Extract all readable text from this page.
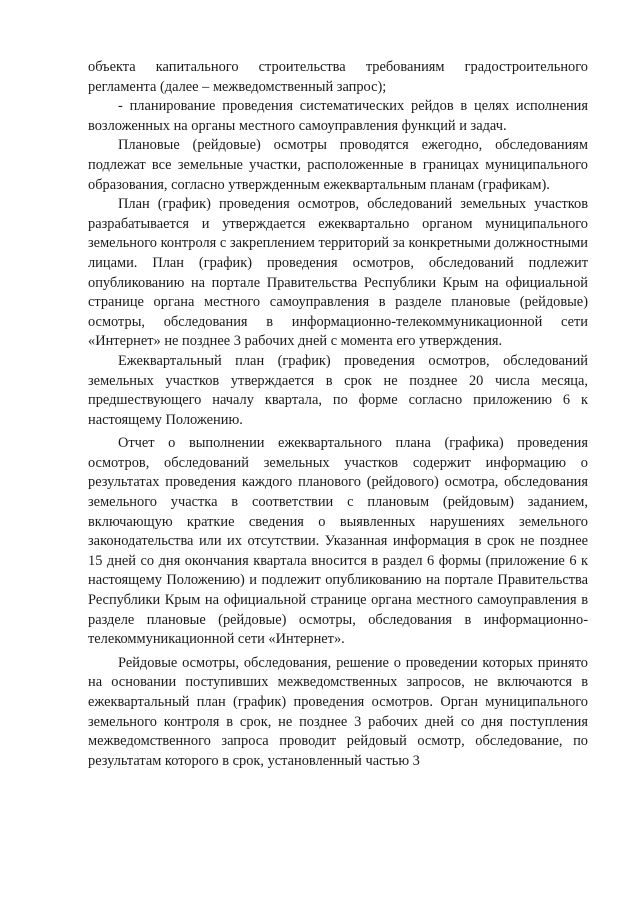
объекта капитального строительства требованиям градостроительного регламента (далее – межведомственный запрос);

- планирование проведения систематических рейдов в целях исполнения возложенных на органы местного самоуправления функций и задач.

Плановые (рейдовые) осмотры проводятся ежегодно, обследованиям подлежат все земельные участки, расположенные в границах муниципального образования, согласно утвержденным ежеквартальным планам (графикам).

План (график) проведения осмотров, обследований земельных участков разрабатывается и утверждается ежеквартально органом муниципального земельного контроля с закреплением территорий за конкретными должностными лицами. План (график) проведения осмотров, обследований подлежит опубликованию на портале Правительства Республики Крым на официальной странице органа местного самоуправления в разделе плановые (рейдовые) осмотры, обследования в информационно-телекоммуникационной сети «Интернет» не позднее 3 рабочих дней с момента его утверждения.

Ежеквартальный план (график) проведения осмотров, обследований земельных участков утверждается в срок не позднее 20 числа месяца, предшествующего началу квартала, по форме согласно приложению 6 к настоящему Положению.

Отчет о выполнении ежеквартального плана (графика) проведения осмотров, обследований земельных участков содержит информацию о результатах проведения каждого планового (рейдового) осмотра, обследования земельного участка в соответствии с плановым (рейдовым) заданием, включающую краткие сведения о выявленных нарушениях земельного законодательства или их отсутствии. Указанная информация в срок не позднее 15 дней со дня окончания квартала вносится в раздел 6 формы (приложение 6 к настоящему Положению) и подлежит опубликованию на портале Правительства Республики Крым на официальной странице органа местного самоуправления в разделе плановые (рейдовые) осмотры, обследования в информационно-телекоммуникационной сети «Интернет».

Рейдовые осмотры, обследования, решение о проведении которых принято на основании поступивших межведомственных запросов, не включаются в ежеквартальный план (график) проведения осмотров. Орган муниципального земельного контроля в срок, не позднее 3 рабочих дней со дня поступления межведомственного запроса проводит рейдовый осмотр, обследование, по результатам которого в срок, установленный частью 3
